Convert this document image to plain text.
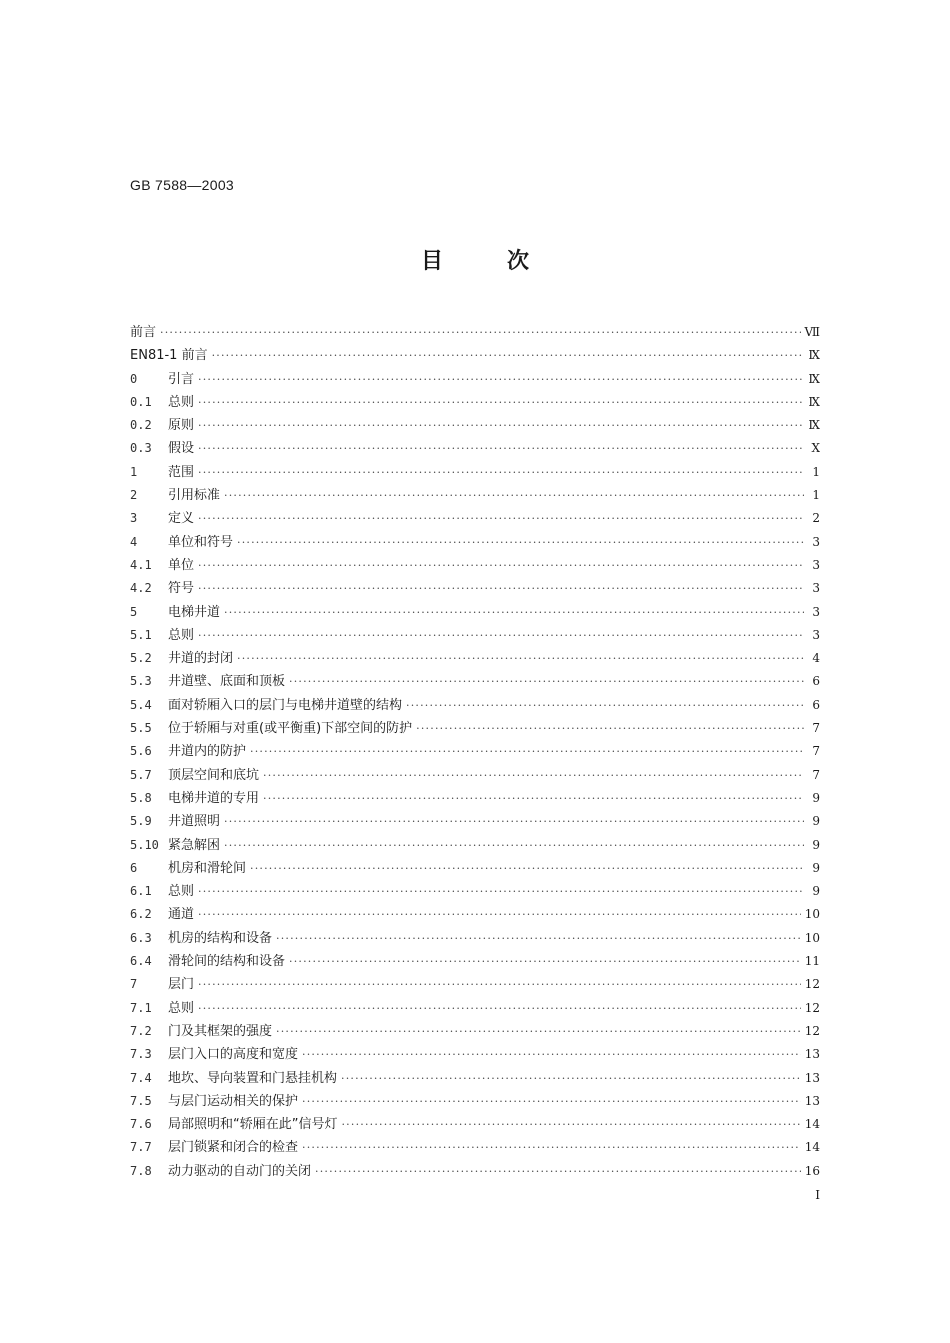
GB 7588—2003
目次
前言 ·····	Ⅶ
EN81-1 前言 ·····	Ⅸ
0	引言 ·····	Ⅸ
0.1	总则 ·····	Ⅸ
0.2	原则 ·····	Ⅸ
0.3	假设 ·····	Ⅹ
1	范围 ·····	1
2	引用标准 ·····	1
3	定义 ·····	2
4	单位和符号 ·····	3
4.1	单位 ·····	3
4.2	符号 ·····	3
5	电梯井道 ·····	3
5.1	总则 ·····	3
5.2	井道的封闭 ·····	4
5.3	井道壁、底面和顶板 ·····	6
5.4	面对轿厢入口的层门与电梯井道壁的结构 ·····	6
5.5	位于轿厢与对重(或平衡重)下部空间的防护 ·····	7
5.6	井道内的防护 ·····	7
5.7	顶层空间和底坑 ·····	7
5.8	电梯井道的专用 ·····	9
5.9	井道照明 ·····	9
5.10 紧急解困 ·····	9
6	机房和滑轮间 ·····	9
6.1	总则 ·····	9
6.2	通道 ·····	10
6.3	机房的结构和设备 ·····	10
6.4	滑轮间的结构和设备 ·····	11
7	层门 ·····	12
7.1	总则 ·····	12
7.2	门及其框架的强度 ·····	12
7.3	层门入口的高度和宽度 ·····	13
7.4	地坎、导向装置和门悬挂机构 ·····	13
7.5	与层门运动相关的保护 ·····	13
7.6	局部照明和“轿厢在此”信号灯 ·····	14
7.7	层门锁紧和闭合的检查 ·····	14
7.8	动力驱动的自动门的关闭 ·····	16
Ⅰ
